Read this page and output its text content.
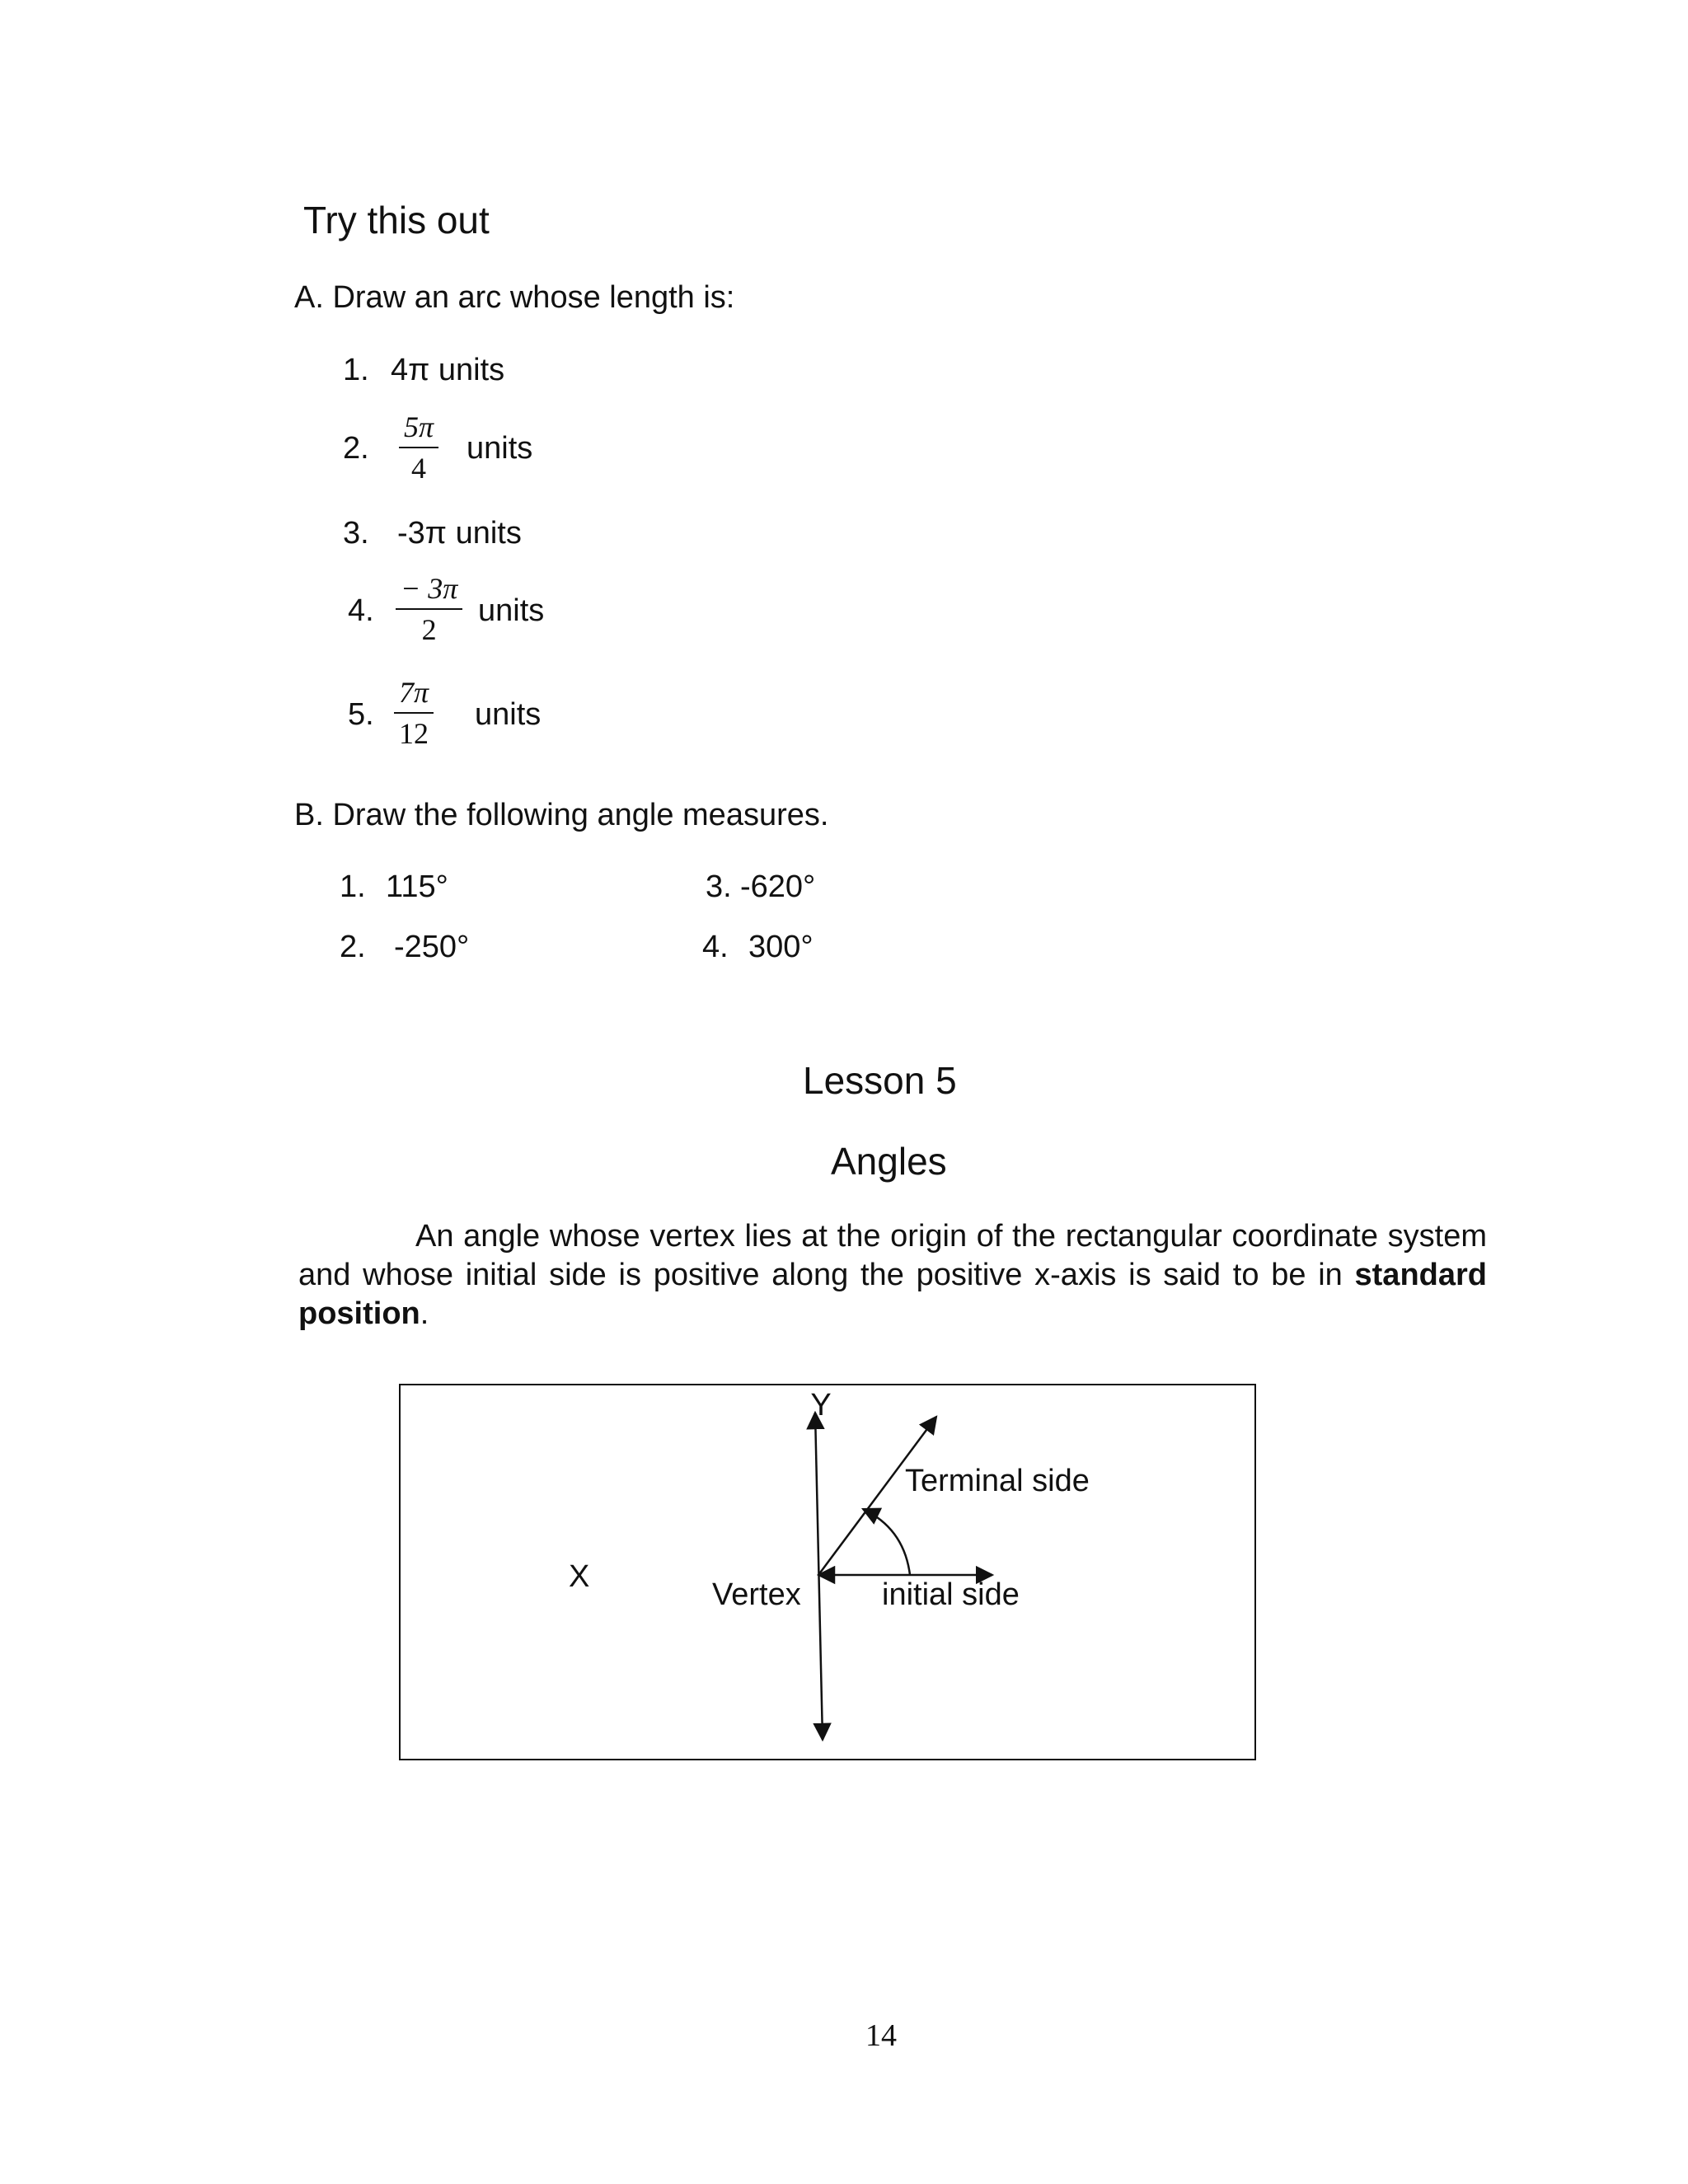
Try this out
A. Draw an arc whose length is:
1. 4π units
2. $\frac{5\pi}{4}$ units
3. -3π units
4. $\frac{- 3\pi}{2}$ units
5. $\frac{7\pi}{12}$ units
B. Draw the following angle measures.
1. 115°
2. -250°
3. -620°
4. 300°
Lesson 5
Angles
An angle whose vertex lies at the origin of the rectangular coordinate system and whose initial side is positive along the positive x-axis is said to be in standard position.
Y
X
Terminal side
Vertex	initial side
14
